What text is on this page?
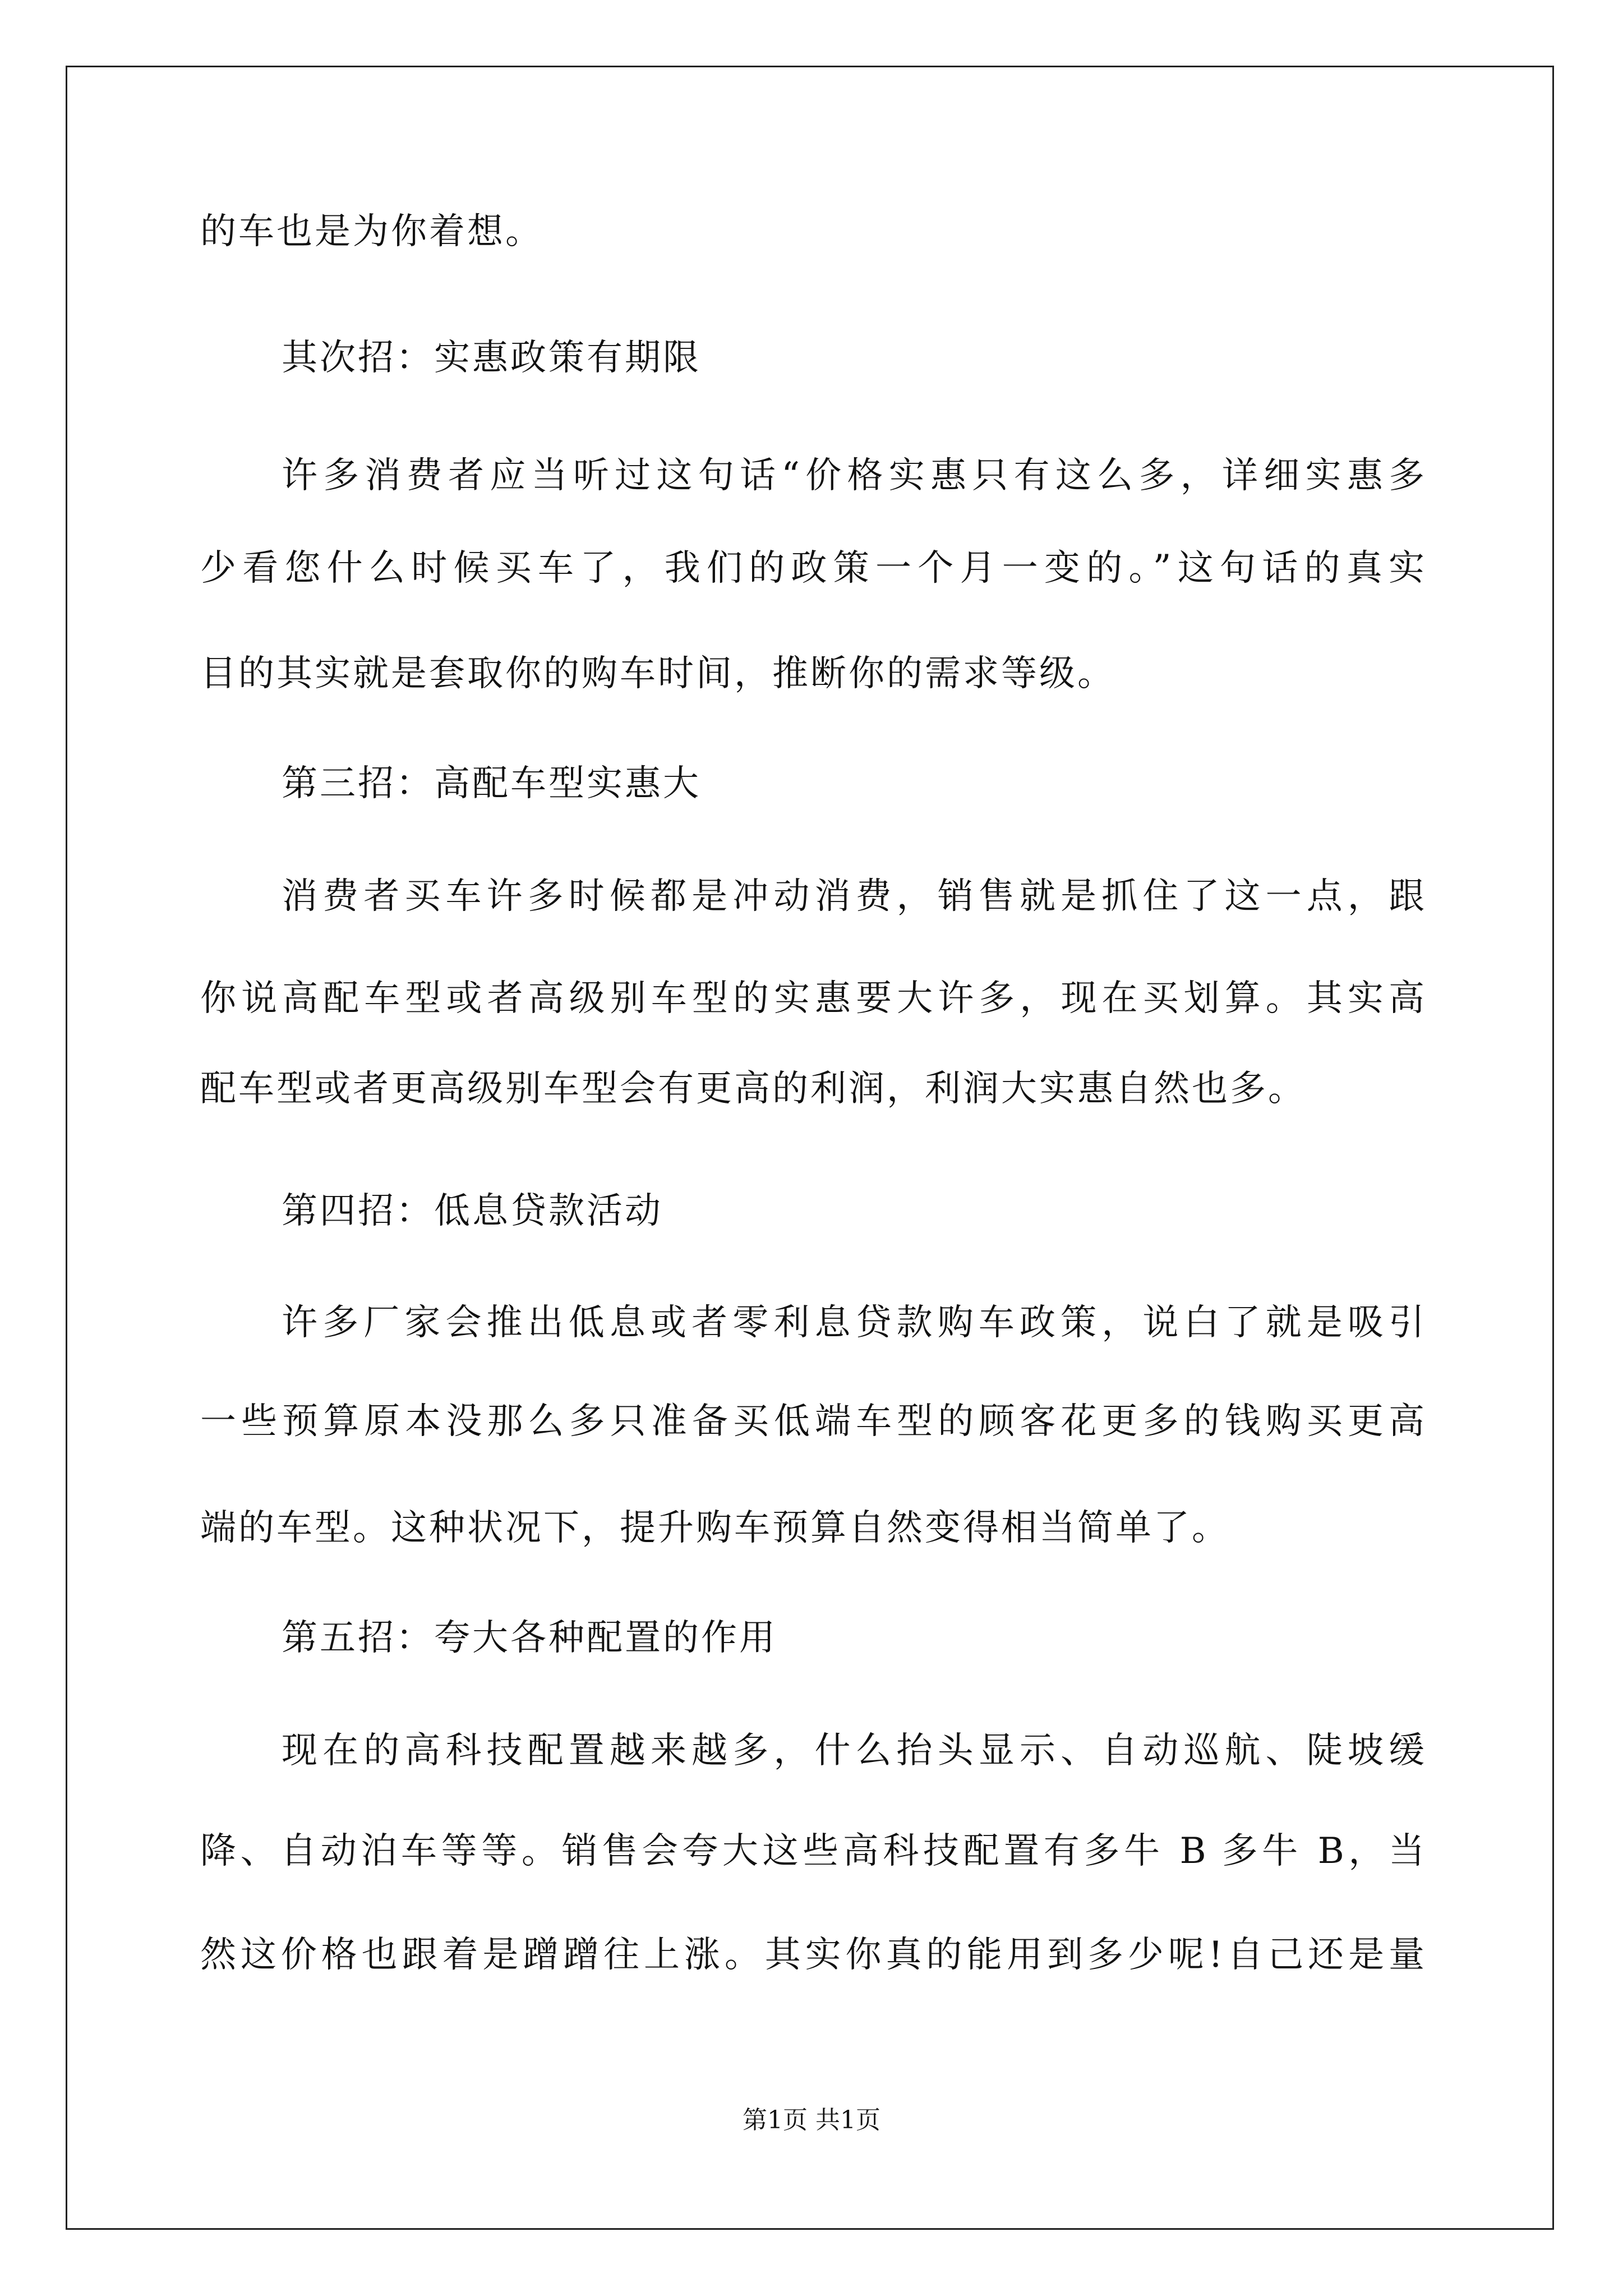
的车也是为你着想。
其次招：实惠政策有期限
许多消费者应当听过这句话“价格实惠只有这么多，详细实惠多
少看您什么时候买车了，我们的政策一个月一变的。”这句话的真实
目的其实就是套取你的购车时间，推断你的需求等级。
第三招：高配车型实惠大
消费者买车许多时候都是冲动消费，销售就是抓住了这一点，跟
你说高配车型或者高级别车型的实惠要大许多，现在买划算。其实高
配车型或者更高级别车型会有更高的利润，利润大实惠自然也多。
第四招：低息贷款活动
许多厂家会推出低息或者零利息贷款购车政策，说白了就是吸引
一些预算原本没那么多只准备买低端车型的顾客花更多的钱购买更高
端的车型。这种状况下，提升购车预算自然变得相当简单了。
第五招：夸大各种配置的作用
现在的高科技配置越来越多，什么抬头显示、自动巡航、陡坡缓
降、自动泊车等等。销售会夸大这些高科技配置有多牛 B 多牛 B，当
然这价格也跟着是蹭蹭往上涨。其实你真的能用到多少呢!自己还是量
第1页 共1页
